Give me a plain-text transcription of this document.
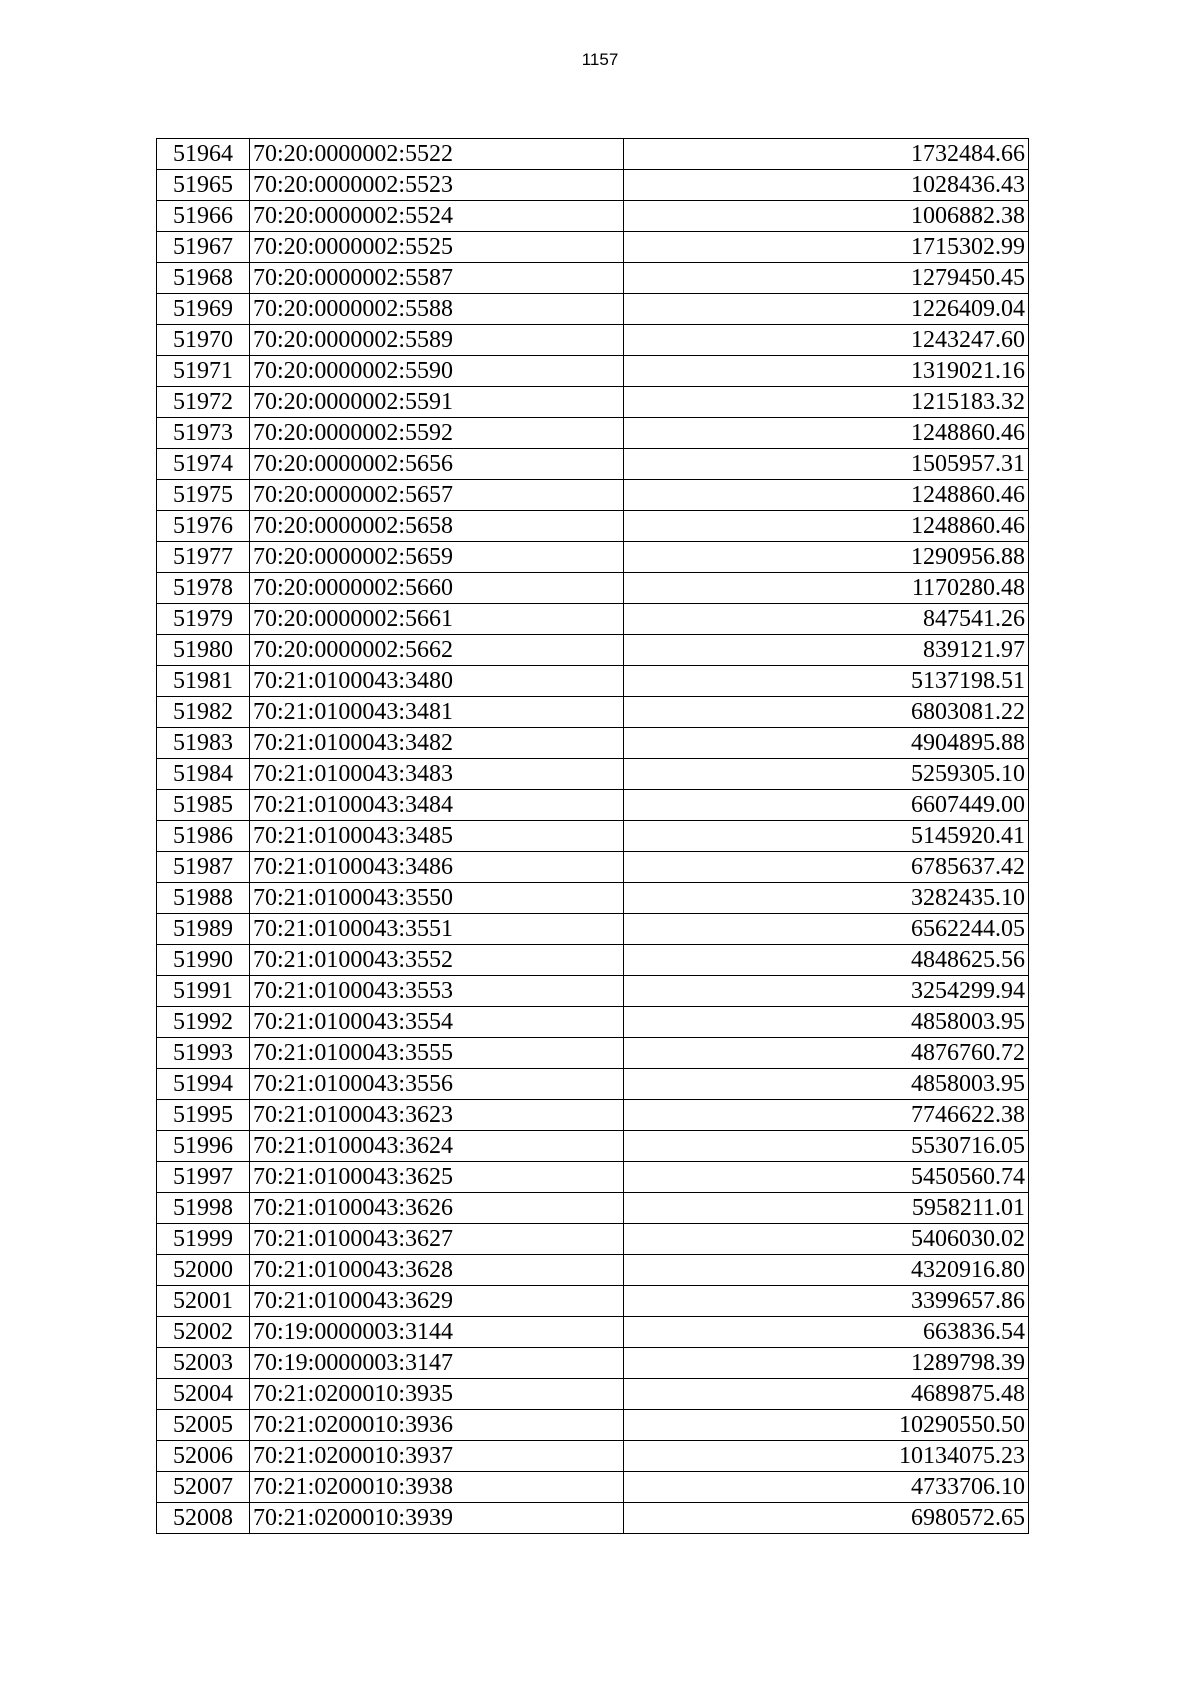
1157
51964	70:20:0000002:5522	1732484.66
51965	70:20:0000002:5523	1028436.43
51966	70:20:0000002:5524	1006882.38
51967	70:20:0000002:5525	1715302.99
51968	70:20:0000002:5587	1279450.45
51969	70:20:0000002:5588	1226409.04
51970	70:20:0000002:5589	1243247.60
51971	70:20:0000002:5590	1319021.16
51972	70:20:0000002:5591	1215183.32
51973	70:20:0000002:5592	1248860.46
51974	70:20:0000002:5656	1505957.31
51975	70:20:0000002:5657	1248860.46
51976	70:20:0000002:5658	1248860.46
51977	70:20:0000002:5659	1290956.88
51978	70:20:0000002:5660	1170280.48
51979	70:20:0000002:5661	847541.26
51980	70:20:0000002:5662	839121.97
51981	70:21:0100043:3480	5137198.51
51982	70:21:0100043:3481	6803081.22
51983	70:21:0100043:3482	4904895.88
51984	70:21:0100043:3483	5259305.10
51985	70:21:0100043:3484	6607449.00
51986	70:21:0100043:3485	5145920.41
51987	70:21:0100043:3486	6785637.42
51988	70:21:0100043:3550	3282435.10
51989	70:21:0100043:3551	6562244.05
51990	70:21:0100043:3552	4848625.56
51991	70:21:0100043:3553	3254299.94
51992	70:21:0100043:3554	4858003.95
51993	70:21:0100043:3555	4876760.72
51994	70:21:0100043:3556	4858003.95
51995	70:21:0100043:3623	7746622.38
51996	70:21:0100043:3624	5530716.05
51997	70:21:0100043:3625	5450560.74
51998	70:21:0100043:3626	5958211.01
51999	70:21:0100043:3627	5406030.02
52000	70:21:0100043:3628	4320916.80
52001	70:21:0100043:3629	3399657.86
52002	70:19:0000003:3144	663836.54
52003	70:19:0000003:3147	1289798.39
52004	70:21:0200010:3935	4689875.48
52005	70:21:0200010:3936	10290550.50
52006	70:21:0200010:3937	10134075.23
52007	70:21:0200010:3938	4733706.10
52008	70:21:0200010:3939	6980572.65
